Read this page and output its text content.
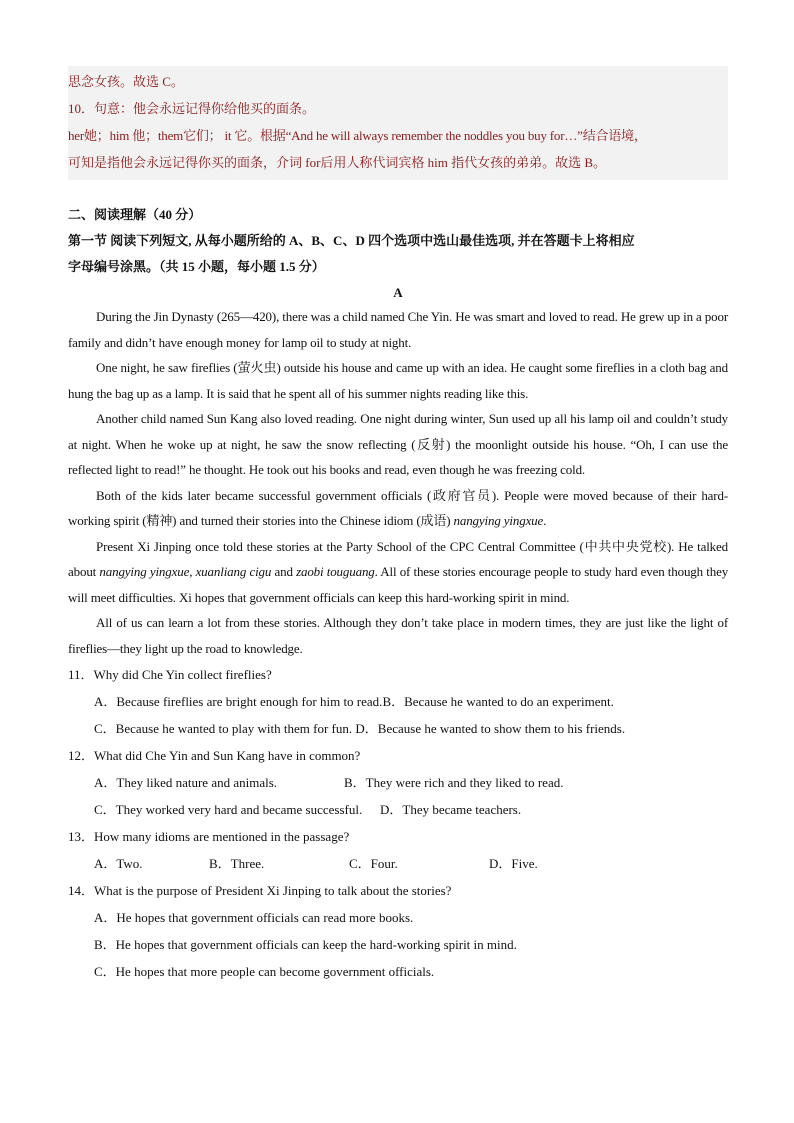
思念女孩。故选 C。
10．句意：他会永远记得你给他买的面条。
her她；him 他；them它们； it 它。根据“And he will always remember the noddles you buy for…”结合语境，
可知是指他会永远记得你买的面条，介词 for后用人称代词宾格 him 指代女孩的弟弟。故选 B。
二、阅读理解（40 分）
第一节 阅读下列短文, 从每小题所给的 A、B、C、D 四个选项中选山最佳选项, 并在答题卡上将相应
字母编号涂黑。（共 15 小题，每小题 1.5 分）
A

During the Jin Dynasty (265—420), there was a child named Che Yin. He was smart and loved to read. He grew up in a poor family and didn’t have enough money for lamp oil to study at night.

One night, he saw fireflies (萤火虫) outside his house and came up with an idea. He caught some fireflies in a cloth bag and hung the bag up as a lamp. It is said that he spent all of his summer nights reading like this.

Another child named Sun Kang also loved reading. One night during winter, Sun used up all his lamp oil and couldn’t study at night. When he woke up at night, he saw the snow reflecting (反射) the moonlight outside his house. “Oh, I can use the reflected light to read!” he thought. He took out his books and read, even though he was freezing cold.

Both of the kids later became successful government officials (政府官员). People were moved because of their hard-working spirit (精神) and turned their stories into the Chinese idiom (成语) nangying yingxue.

Present Xi Jinping once told these stories at the Party School of the CPC Central Committee (中共中央党校). He talked about nangying yingxue, xuanliang cigu and zaobi touguang. All of these stories encourage people to study hard even though they will meet difficulties. Xi hopes that government officials can keep this hard-working spirit in mind.

All of us can learn a lot from these stories. Although they don’t take place in modern times, they are just like the light of fireflies—they light up the road to knowledge.

11．Why did Che Yin collect fireflies?

A．Because fireflies are bright enough for him to read. B．Because he wanted to do an experiment.
C．Because he wanted to play with them for fun.
D．Because he wanted to show them to his friends.

12．What did Che Yin and Sun Kang have in common?

A．They liked nature and animals.	B．They were rich and they liked to read.
C．They worked very hard and became successful.	D．They became teachers.

13．How many idioms are mentioned in the passage?

A．Two.	B．Three.	C．Four.	D．Five.

14．What is the purpose of President Xi Jinping to talk about the stories?

A．He hopes that government officials can read more books.
B．He hopes that government officials can keep the hard-working spirit in mind.
C．He hopes that more people can become government officials.
